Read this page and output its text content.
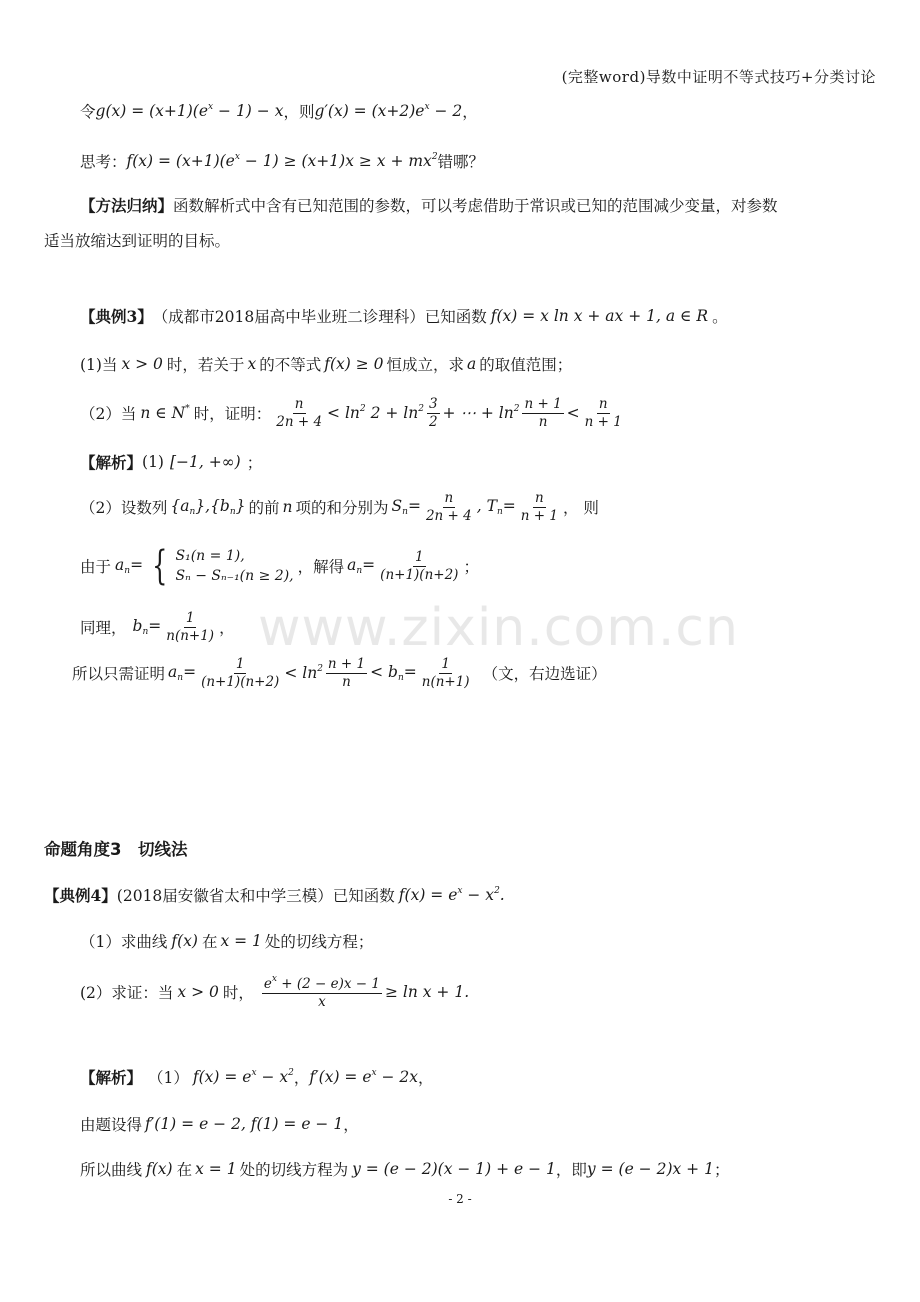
(完整word)导数中证明不等式技巧+分类讨论
www.zixin.com.cn
令 $g(x) = (x+1)(e^x - 1) - x$ ，则 $g'(x) = (x+2)e^x - 2$ ，
思考： $f(x) = (x+1)(e^x - 1) \ge (x+1)x \ge x + mx^2$ 错哪？
【方法归纳】 函数解析式中含有已知范围的参数，可以考虑借助于常识或已知的范围减少变量，对参数
适当放缩达到证明的目标。
【典例3】 （成都市2018届高中毕业班二诊理科）已知函数 f(x) = x ln x + ax + 1, a ∈ R 。
(1)当 x > 0 时，若关于 x 的不等式 f(x) ≥ 0 恒成立，求 a 的取值范围；
（2）当 n ∈ N* 时，证明： $\frac{n}{2n + 4} < \ln^2 2 + \ln^2 \frac{3}{2}$ + ⋯ + $\ln^2 \frac{n + 1}{n} < \frac{n}{n + 1}$
【解析】 (1) [−1, +∞) ；
（2）设数列 $\{a_n\},\{b_n\}$ 的前 n 项的和分别为 $S_n= \frac{n}{2n + 4}$ , $T_n= \frac{n}{n + 1}$ ， 则
由于 $a_n=$ { S₁(n = 1),
Sₙ − Sₙ₋₁(n ≥ 2), ，解得 $a_n= \frac{1}{(n+1)(n+2)}$ ；
同理， $b_n= \frac{1}{n(n+1)}$ ，
所以只需证明 $a_n= \frac{1}{(n+1)(n+2)} < \ln^2 \frac{n + 1}{n} < b_n= \frac{1}{n(n+1)}$ （文，右边选证）
命题角度3　切线法
【典例4】 (2018届安徽省太和中学三模）已知函数 $f(x) = e^x - x^2$.
（1）求曲线 f(x) 在 x = 1 处的切线方程；
(2）求证：当 x > 0 时， $\frac{e^x + (2 - e)x - 1}{x} \ge \ln x + 1$.
【解析】 （1） $f(x) = e^x - x^2$ ， $f'(x) = e^x - 2x$ ，
由题设得 f′(1) = e − 2, f(1) = e − 1 ，
所以曲线 f(x) 在 x = 1 处的切线方程为 y = (e − 2)(x − 1) + e − 1 ，即 y = (e − 2)x + 1 ；
- 2 -
